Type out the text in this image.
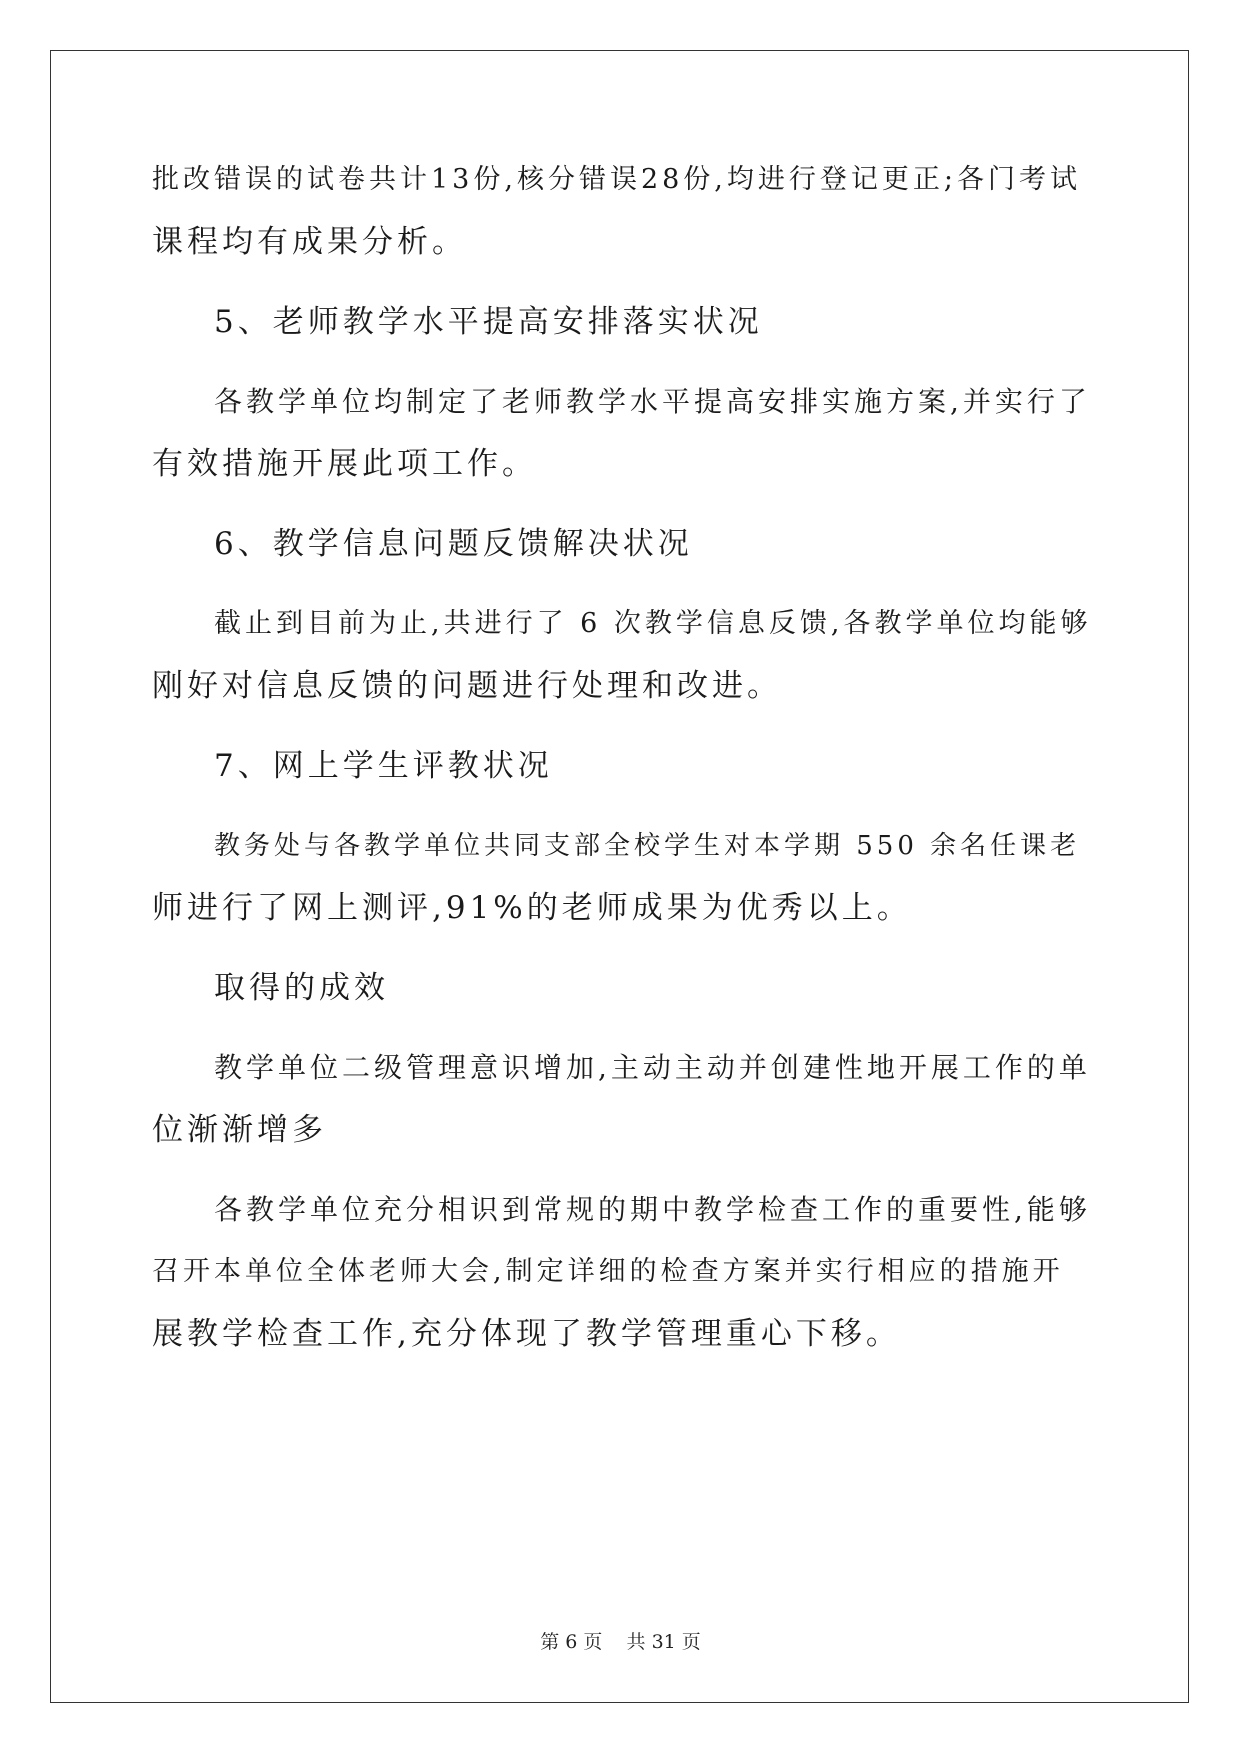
批改错误的试卷共计13份,核分错误28份,均进行登记更正;各门考试
课程均有成果分析。
5、老师教学水平提高安排落实状况
各教学单位均制定了老师教学水平提高安排实施方案,并实行了
有效措施开展此项工作。
6、教学信息问题反馈解决状况
截止到目前为止,共进行了 6 次教学信息反馈,各教学单位均能够
刚好对信息反馈的问题进行处理和改进。
7、网上学生评教状况
教务处与各教学单位共同支部全校学生对本学期 550 余名任课老
师进行了网上测评,91%的老师成果为优秀以上。
取得的成效
教学单位二级管理意识增加,主动主动并创建性地开展工作的单
位渐渐增多
各教学单位充分相识到常规的期中教学检查工作的重要性,能够
召开本单位全体老师大会,制定详细的检查方案并实行相应的措施开
展教学检查工作,充分体现了教学管理重心下移。
第 6 页    共 31 页
